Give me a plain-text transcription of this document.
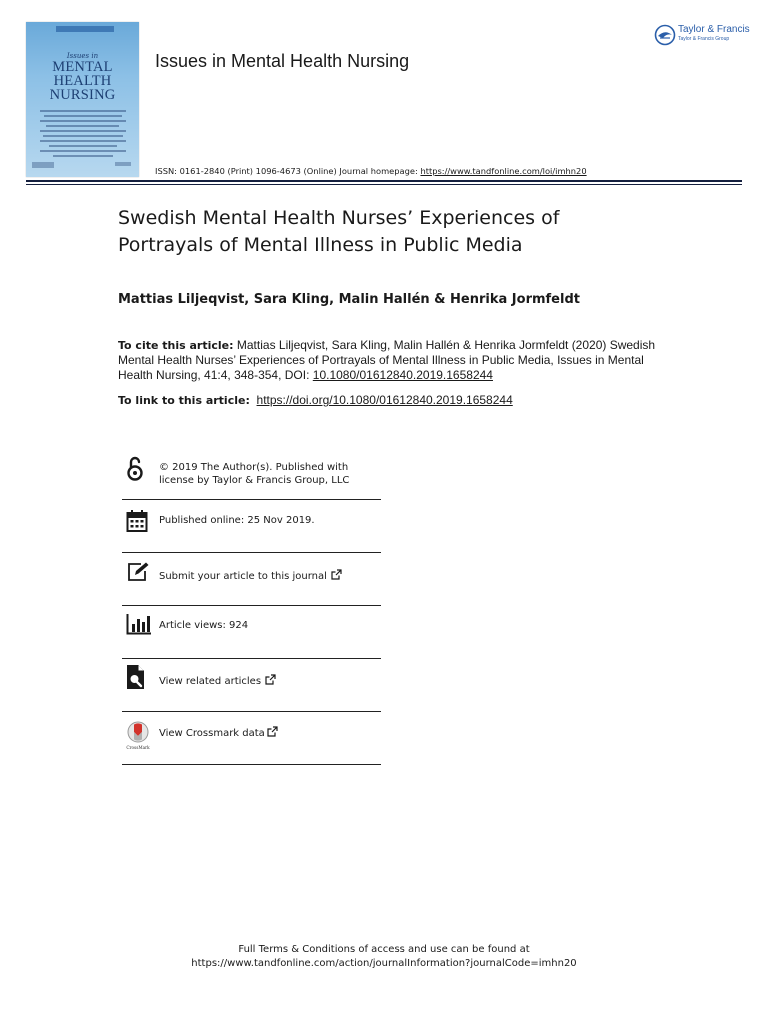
Issues in
MENTAL
HEALTH
NURSING
Issues in Mental Health Nursing
Taylor & Francis
Taylor & Francis Group
ISSN: 0161-2840 (Print) 1096-4673 (Online) Journal homepage: https://www.tandfonline.com/loi/imhn20
Swedish Mental Health Nurses’ Experiences of
Portrayals of Mental Illness in Public Media
Mattias Liljeqvist, Sara Kling, Malin Hallén & Henrika Jormfeldt
To cite this article: Mattias Liljeqvist, Sara Kling, Malin Hallén & Henrika Jormfeldt (2020) Swedish Mental Health Nurses’ Experiences of Portrayals of Mental Illness in Public Media, Issues in Mental Health Nursing, 41:4, 348-354, DOI: 10.1080/01612840.2019.1658244
To link to this article: https://doi.org/10.1080/01612840.2019.1658244
© 2019 The Author(s). Published with
license by Taylor & Francis Group, LLC
Published online: 25 Nov 2019.
Submit your article to this journal
Article views: 924
View related articles
CrossMark
View Crossmark data
Full Terms & Conditions of access and use can be found at
https://www.tandfonline.com/action/journalInformation?journalCode=imhn20
